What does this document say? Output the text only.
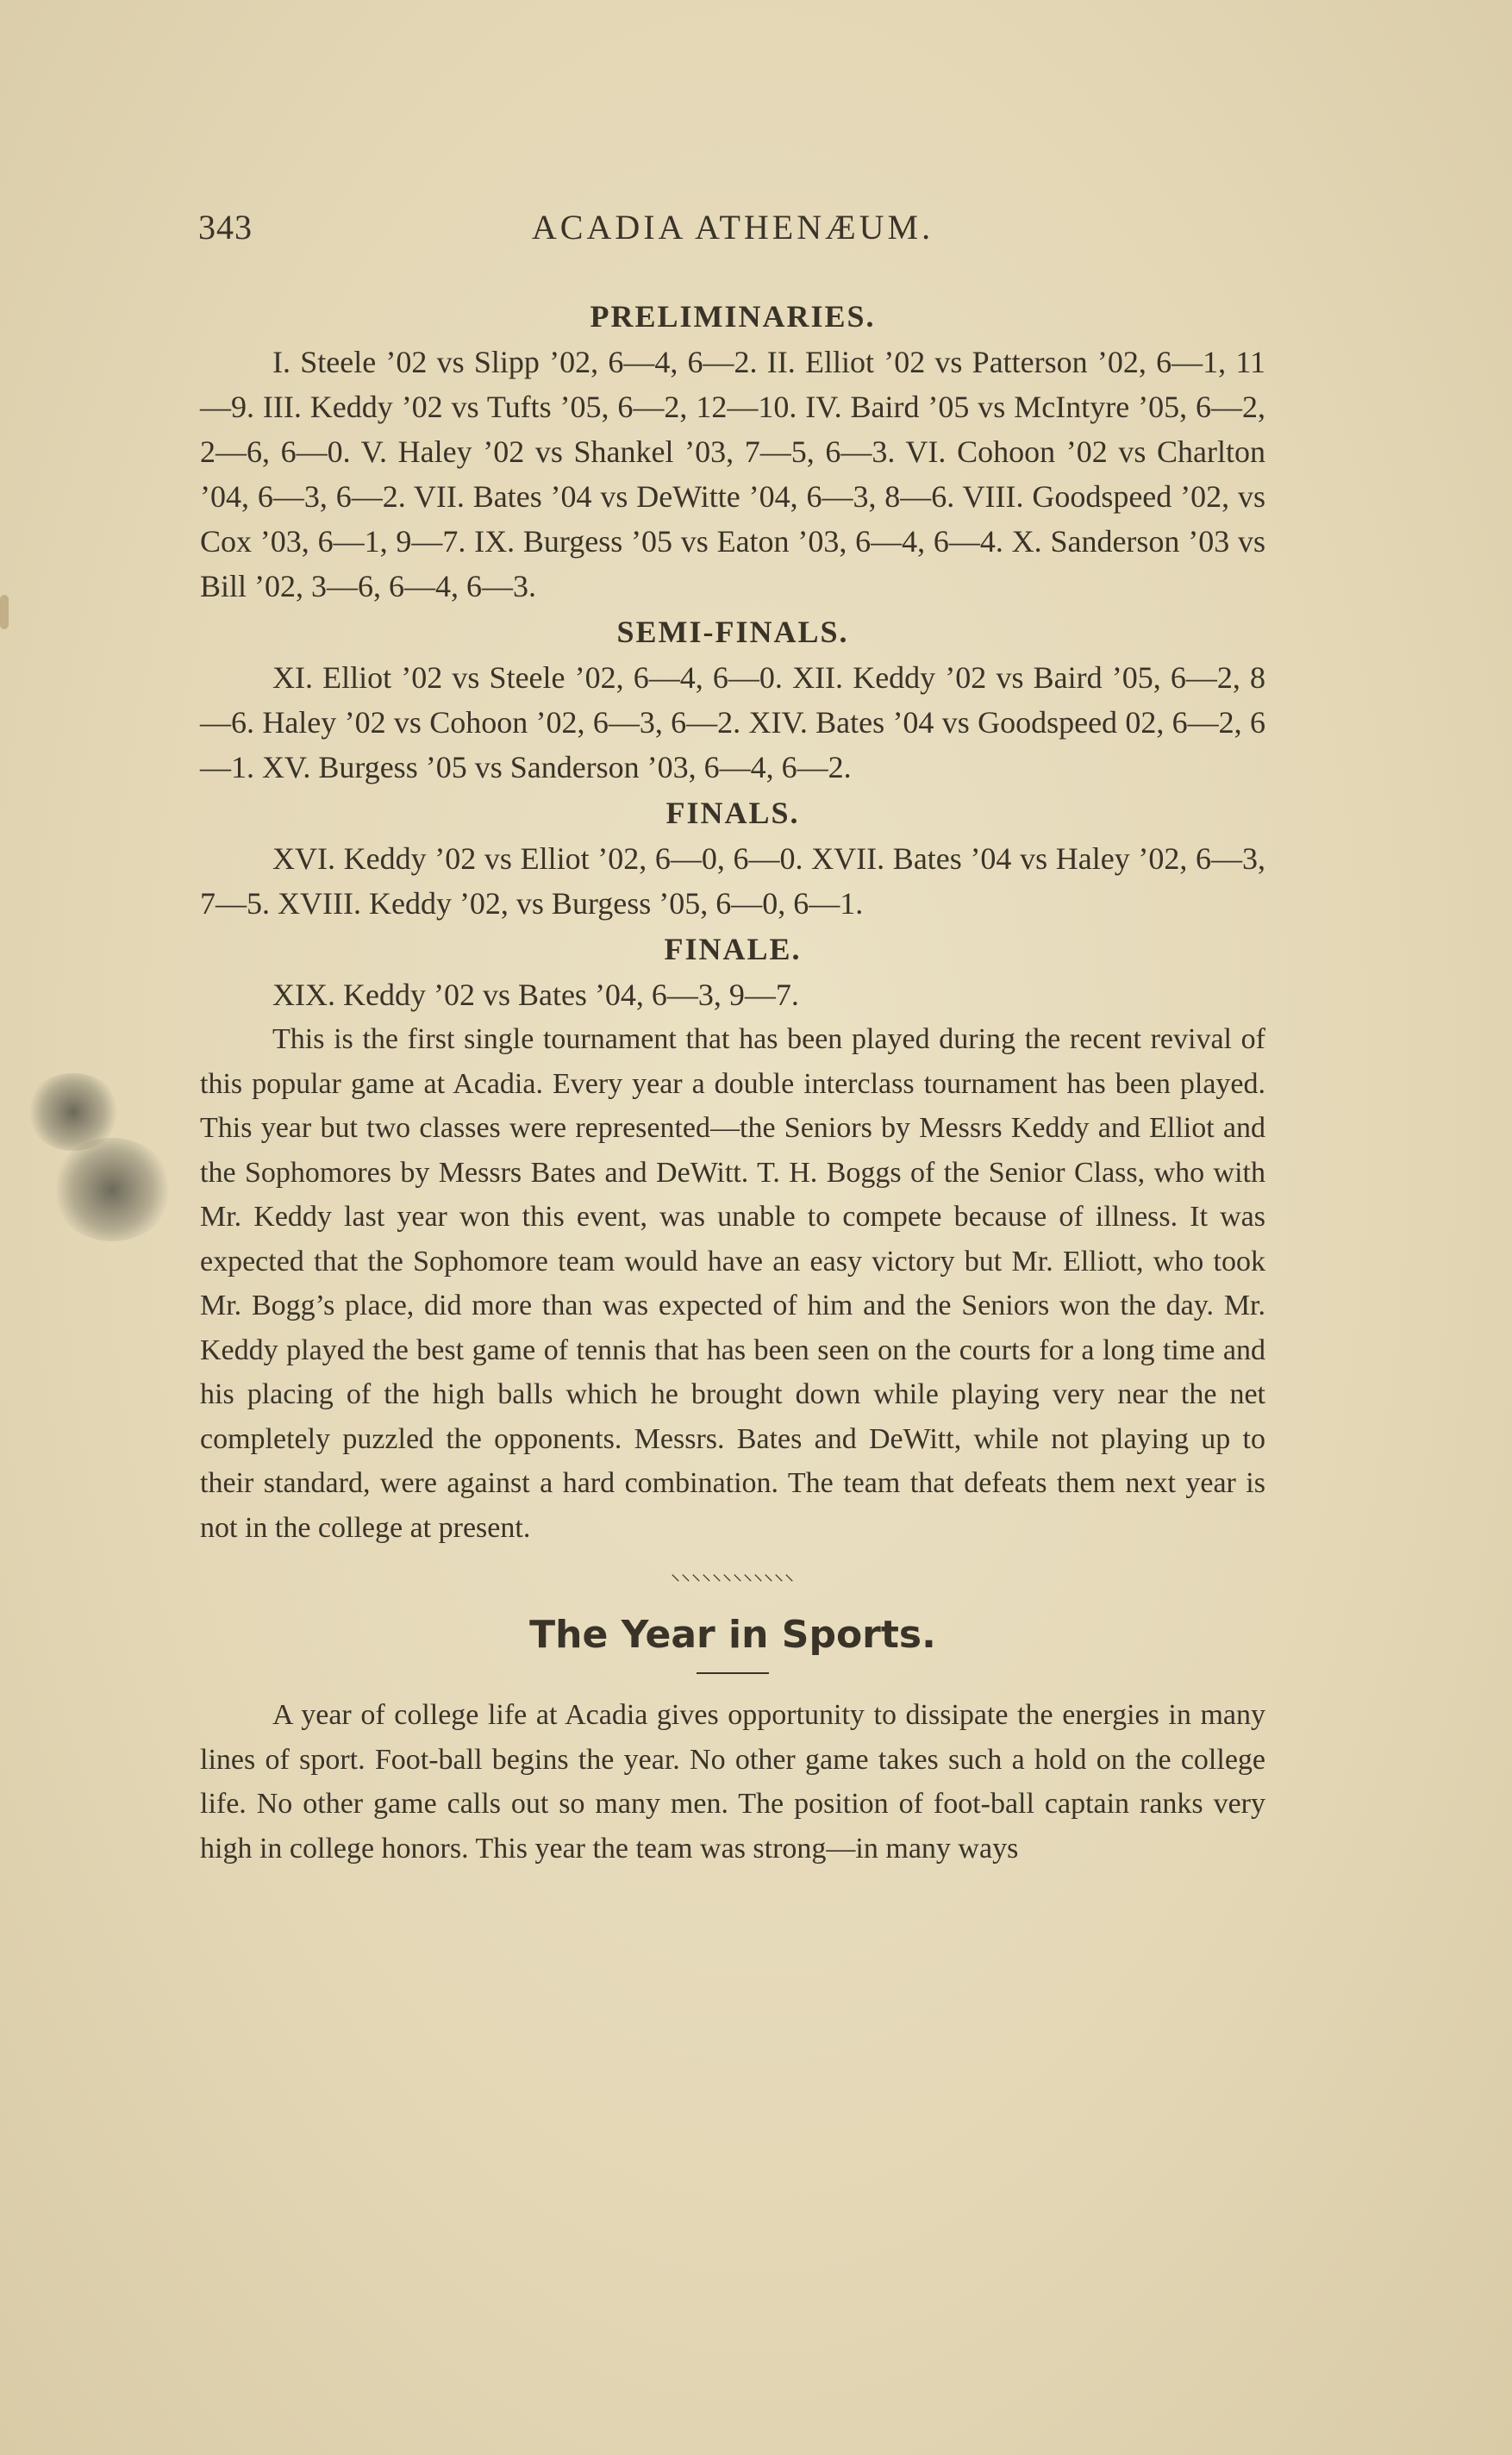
343	ACADIA ATHENÆUM.
PRELIMINARIES.

I. Steele ’02 vs Slipp ’02, 6—4, 6—2. II. Elliot ’02 vs Patterson ’02, 6—1, 11—9. III. Keddy ’02 vs Tufts ’05, 6—2, 12—10. IV. Baird ’05 vs McIntyre ’05, 6—2, 2—6, 6—0. V. Haley ’02 vs Shankel ’03, 7—5, 6—3. VI. Cohoon ’02 vs Charlton ’04, 6—3, 6—2. VII. Bates ’04 vs DeWitte ’04, 6—3, 8—6. VIII. Goodspeed ’02, vs Cox ’03, 6—1, 9—7. IX. Burgess ’05 vs Eaton ’03, 6—4, 6—4. X. Sanderson ’03 vs Bill ’02, 3—6, 6—4, 6—3.

SEMI-FINALS.

XI. Elliot ’02 vs Steele ’02, 6—4, 6—0. XII. Keddy ’02 vs Baird ’05, 6—2, 8—6. Haley ’02 vs Cohoon ’02, 6—3, 6—2. XIV. Bates ’04 vs Goodspeed 02, 6—2, 6—1. XV. Burgess ’05 vs Sanderson ’03, 6—4, 6—2.

FINALS.

XVI. Keddy ’02 vs Elliot ’02, 6—0, 6—0. XVII. Bates ’04 vs Haley ’02, 6—3, 7—5. XVIII. Keddy ’02, vs Burgess ’05, 6—0, 6—1.

FINALE.

XIX. Keddy ’02 vs Bates ’04, 6—3, 9—7.

This is the first single tournament that has been played during the recent revival of this popular game at Acadia. Every year a double interclass tournament has been played. This year but two classes were represented—the Seniors by Messrs Keddy and Elliot and the Sophomores by Messrs Bates and DeWitt. T. H. Boggs of the Senior Class, who with Mr. Keddy last year won this event, was unable to compete because of illness. It was expected that the Sophomore team would have an easy victory but Mr. Elliott, who took Mr. Bogg’s place, did more than was expected of him and the Seniors won the day. Mr. Keddy played the best game of tennis that has been seen on the courts for a long time and his placing of the high balls which he brought down while playing very near the net completely puzzled the opponents. Messrs. Bates and DeWitt, while not playing up to their standard, were against a hard combination. The team that defeats them next year is not in the college at present.

⸌⸌⸌⸌⸌⸌⸌⸌⸌⸌⸌⸌
The Year in Sports.

A year of college life at Acadia gives opportunity to dissipate the energies in many lines of sport. Foot-ball begins the year. No other game takes such a hold on the college life. No other game calls out so many men. The position of foot-ball captain ranks very high in college honors. This year the team was strong—in many ways
